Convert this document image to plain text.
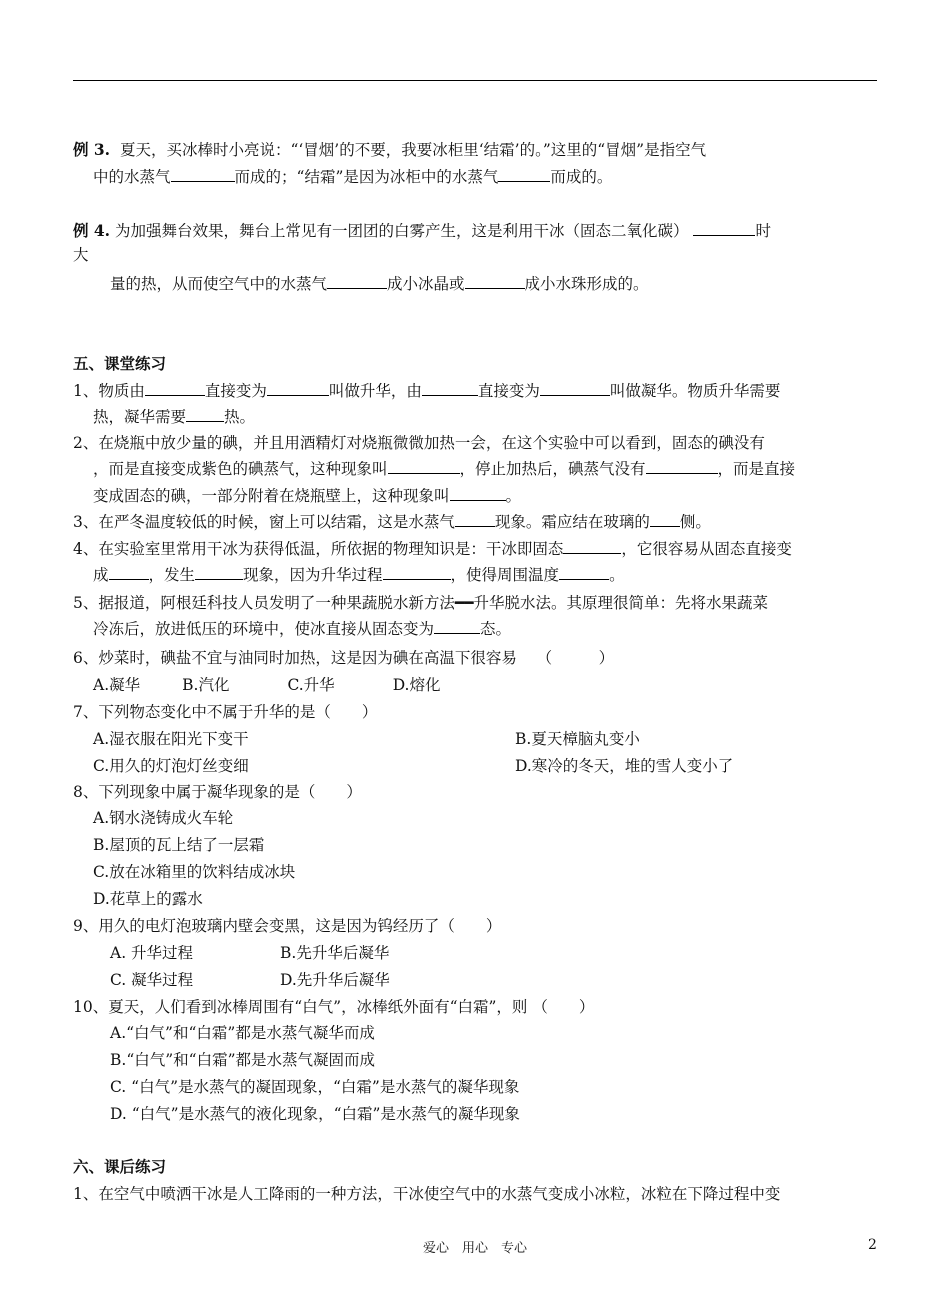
例 3. 夏天，买冰棒时小亮说：“‘冒烟’的不要，我要冰柜里‘结霜’的。”这里的“冒烟”是指空气
中的水蒸气	而成的；“结霜”是因为冰柜中的水蒸气	而成的。
例 4. 为加强舞台效果，舞台上常见有一团团的白雾产生，这是利用干冰（固态二氧化碳）	时
大
量的热，从而使空气中的水蒸气	成小冰晶或	成小水珠形成的。
五、课堂练习
1、物质由	直接变为	叫做升华，由	直接变为	叫做凝华。物质升华需要
热，凝华需要 热。
2、在烧瓶中放少量的碘，并且用酒精灯对烧瓶微微加热一会，在这个实验中可以看到，固态的碘没有
，而是直接变成紫色的碘蒸气，这种现象叫	，停止加热后，碘蒸气没有	，而是直接
变成固态的碘，一部分附着在烧瓶壁上，这种现象叫	。
3、在严冬温度较低的时候，窗上可以结霜，这是水蒸气	现象。霜应结在玻璃的 侧。
4、在实验室里常用干冰为获得低温，所依据的物理知识是：干冰即固态	，它很容易从固态直接变
成	，发生	现象，因为升华过程	，使得周围温度	。
5、据报道，阿根廷科技人员发明了一种果蔬脱水新方法━━升华脱水法。其原理很简单：先将水果蔬菜
冷冻后，放进低压的环境中，使冰直接从固态变为	态。
6、炒菜时，碘盐不宜与油同时加热，这是因为碘在高温下很容易 （　　　）
A.凝华	B.汽化	C.升华	D.熔化
7、下列物态变化中不属于升华的是（　　）
A.湿衣服在阳光下变干	B.夏天樟脑丸变小
C.用久的灯泡灯丝变细	D.寒冷的冬天，堆的雪人变小了
8、下列现象中属于凝华现象的是（　　）
A.钢水浇铸成火车轮
B.屋顶的瓦上结了一层霜
C.放在冰箱里的饮料结成冰块
D.花草上的露水
9、用久的电灯泡玻璃内壁会变黑，这是因为钨经历了（　　）
A. 升华过程	B.先升华后凝华
C. 凝华过程	D.先升华后凝华
10、夏天，人们看到冰棒周围有“白气”，冰棒纸外面有“白霜”，则 （　　）
A.“白气”和“白霜”都是水蒸气凝华而成
B.“白气”和“白霜”都是水蒸气凝固而成
C. “白气”是水蒸气的凝固现象，“白霜”是水蒸气的凝华现象
D. “白气”是水蒸气的液化现象，“白霜”是水蒸气的凝华现象
六、课后练习
1、在空气中喷洒干冰是人工降雨的一种方法，干冰使空气中的水蒸气变成小冰粒，冰粒在下降过程中变
爱心　用心　专心	2
